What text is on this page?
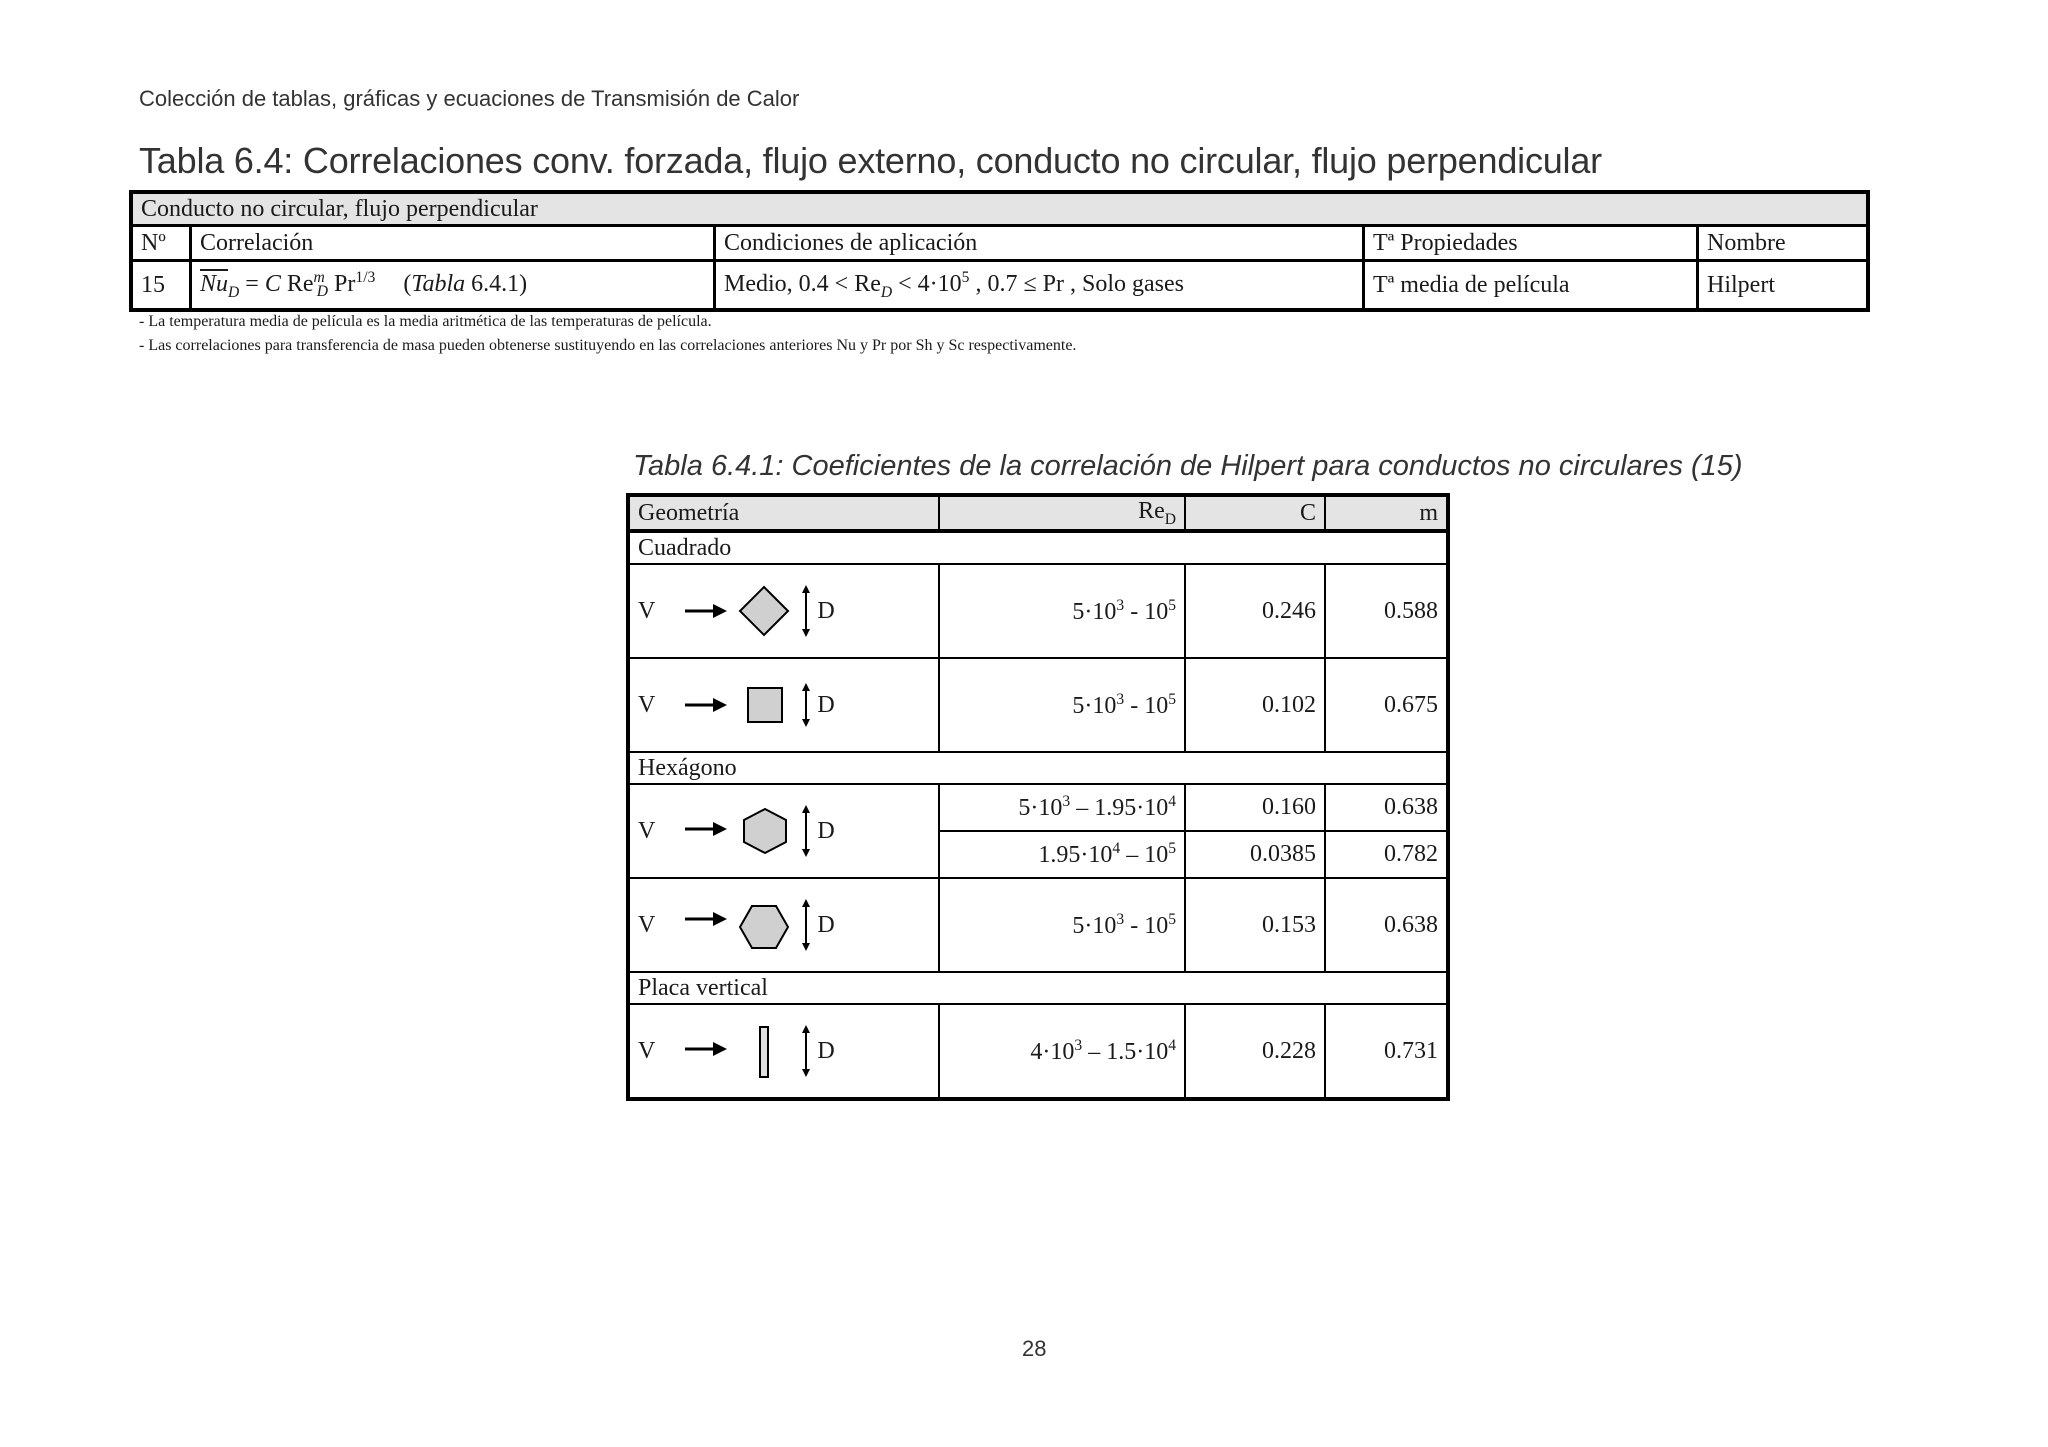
Colección de tablas, gráficas y ecuaciones de Transmisión de Calor
Tabla 6.4: Correlaciones conv. forzada, flujo externo, conducto no circular, flujo perpendicular
Conducto no circular, flujo perpendicular				
Nº	Correlación	Condiciones de aplicación	Tª Propiedades	Nombre
15	$\overline{Nu}_D = C$ $Re^m_D$ $Pr^{1/3}$ (Tabla 6.4.1)	Medio, $0.4 < Re_D < 4\cdot 10^5$ , 0.7 ≤ Pr , Solo gases	Tª media de película	Hilpert
- La temperatura media de película es la media aritmética de las temperaturas de película.
- Las correlaciones para transferencia de masa pueden obtenerse sustituyendo en las correlaciones anteriores Nu y Pr por Sh y Sc respectivamente.
Tabla 6.4.1: Coeficientes de la correlación de Hilpert para conductos no circulares (15)
Geometría	$Re_D$	C	m
Cuadrado			

V D	$5\cdot 10^3 - 10^5$	0.246	0.588

V D	$5\cdot 10^3 - 10^5$	0.102	0.675
Hexágono			

V D	$5\cdot 10^3 - 1.95\cdot 10^4$	0.160	0.638
	$1.95\cdot 10^4 - 10^5$	0.0385	0.782

V D	$5\cdot 10^3 - 10^5$	0.153	0.638
Placa vertical			

V D	$4\cdot 10^3 - 1.5\cdot 10^4$	0.228	0.731
28
